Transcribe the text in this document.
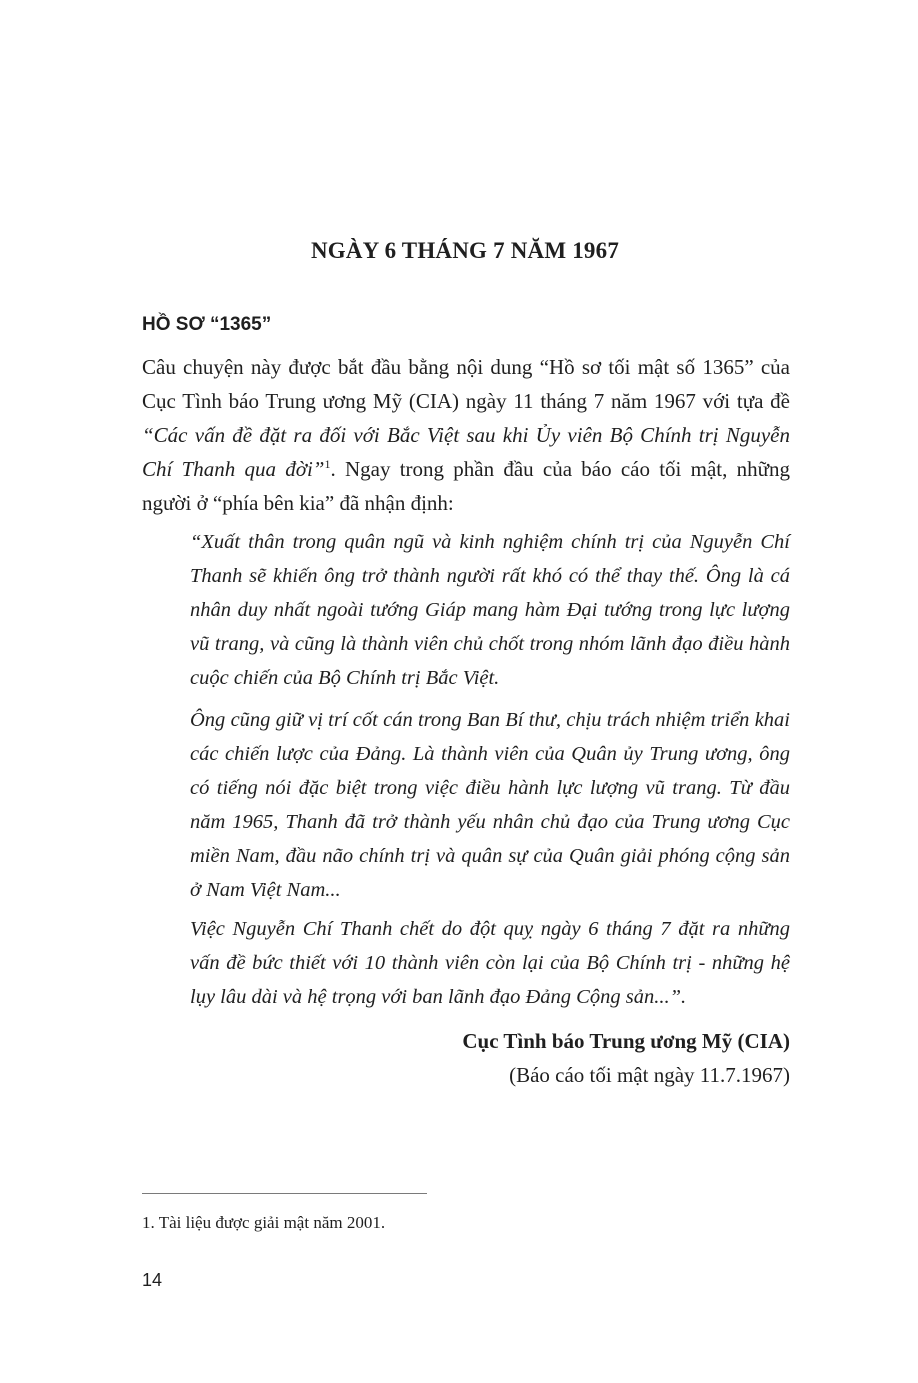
NGÀY 6 THÁNG 7 NĂM 1967
HỒ SƠ “1365”

Câu chuyện này được bắt đầu bằng nội dung “Hồ sơ tối mật số 1365” của Cục Tình báo Trung ương Mỹ (CIA) ngày 11 tháng 7 năm 1967 với tựa đề “Các vấn đề đặt ra đối với Bắc Việt sau khi Ủy viên Bộ Chính trị Nguyễn Chí Thanh qua đời”$^1$. Ngay trong phần đầu của báo cáo tối mật, những người ở “phía bên kia” đã nhận định:

“Xuất thân trong quân ngũ và kinh nghiệm chính trị của Nguyễn Chí Thanh sẽ khiến ông trở thành người rất khó có thể thay thế. Ông là cá nhân duy nhất ngoài tướng Giáp mang hàm Đại tướng trong lực lượng vũ trang, và cũng là thành viên chủ chốt trong nhóm lãnh đạo điều hành cuộc chiến của Bộ Chính trị Bắc Việt.

Ông cũng giữ vị trí cốt cán trong Ban Bí thư, chịu trách nhiệm triển khai các chiến lược của Đảng. Là thành viên của Quân ủy Trung ương, ông có tiếng nói đặc biệt trong việc điều hành lực lượng vũ trang. Từ đầu năm 1965, Thanh đã trở thành yếu nhân chủ đạo của Trung ương Cục miền Nam, đầu não chính trị và quân sự của Quân giải phóng cộng sản ở Nam Việt Nam...

Việc Nguyễn Chí Thanh chết do đột quỵ ngày 6 tháng 7 đặt ra những vấn đề bức thiết với 10 thành viên còn lại của Bộ Chính trị - những hệ lụy lâu dài và hệ trọng với ban lãnh đạo Đảng Cộng sản...”.

Cục Tình báo Trung ương Mỹ (CIA)
(Báo cáo tối mật ngày 11.7.1967)
1. Tài liệu được giải mật năm 2001.
14
